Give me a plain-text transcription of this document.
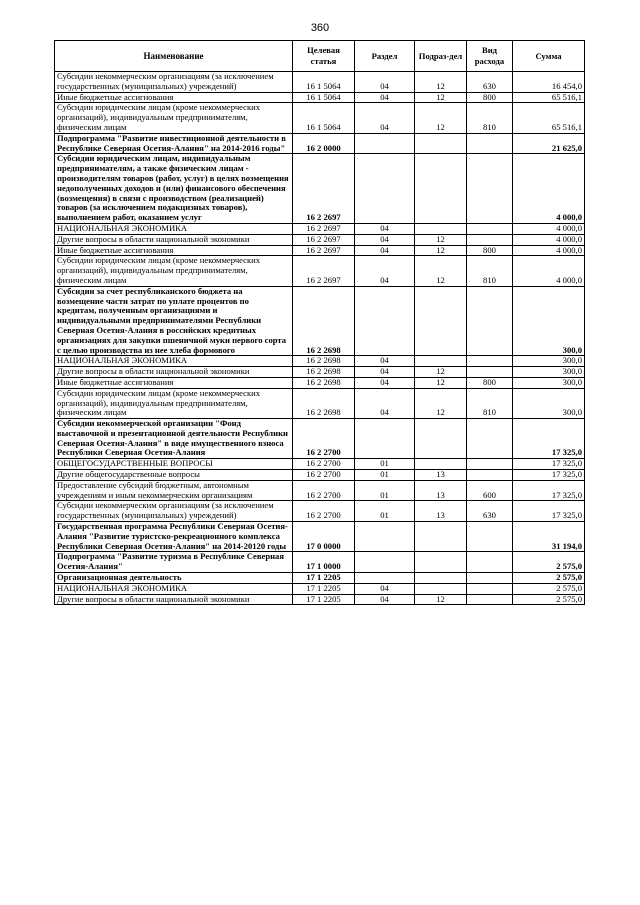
360
Наименование	Целевая статья	Раздел	Подраз-дел	Вид расхода	Сумма
Субсидии некоммерческим организациям (за исключением государственных (муниципальных) учреждений)	16 1 5064	04	12	630	16 454,0
Иные бюджетные ассигнования	16 1 5064	04	12	800	65 516,1
Субсидии юридическим лицам (кроме некоммерческих организаций), индивидуальным предпринимателям, физическим лицам	16 1 5064	04	12	810	65 516,1
Подпрограмма "Развитие инвестиционной деятельности в Республике Северная Осетия-Алания" на 2014-2016 годы"	16 2 0000				21 625,0
Субсидии юридическим лицам, индивидуальным предпринимателям, а также физическим лицам - производителям товаров (работ, услуг) в целях возмещения недополученных доходов и (или) финансового обеспечения (возмещения) в связи с производством (реализацией) товаров (за исключением подакцизных товаров), выполнением работ, оказанием услуг	16 2 2697				4 000,0
НАЦИОНАЛЬНАЯ ЭКОНОМИКА	16 2 2697	04			4 000,0
Другие вопросы в области национальной экономики	16 2 2697	04	12		4 000,0
Иные бюджетные ассигнования	16 2 2697	04	12	800	4 000,0
Субсидии юридическим лицам (кроме некоммерческих организаций), индивидуальным предпринимателям, физическим лицам	16 2 2697	04	12	810	4 000,0
Субсидии за счет республиканского бюджета на возмещение части затрат по уплате процентов по кредитам, полученным организациями и индивидуальными предпринимателями Республики Северная Осетия-Алания в российских кредитных организациях для закупки пшеничной муки первого сорта с целью производства из нее хлеба формового	16 2 2698				300,0
НАЦИОНАЛЬНАЯ ЭКОНОМИКА	16 2 2698	04			300,0
Другие вопросы в области национальной экономики	16 2 2698	04	12		300,0
Иные бюджетные ассигнования	16 2 2698	04	12	800	300,0
Субсидии юридическим лицам (кроме некоммерческих организаций), индивидуальным предпринимателям, физическим лицам	16 2 2698	04	12	810	300,0
Субсидии некоммерческой организации "Фонд выставочной и презентационной деятельности Республики Северная Осетия-Алания" в виде имущественного взноса Республики Северная Осетия-Алания	16 2 2700				17 325,0
ОБЩЕГОСУДАРСТВЕННЫЕ ВОПРОСЫ	16 2 2700	01			17 325,0
Другие общегосударственные вопросы	16 2 2700	01	13		17 325,0
Предоставление субсидий бюджетным, автономным учреждениям и иным некоммерческим организациям	16 2 2700	01	13	600	17 325,0
Субсидии некоммерческим организациям (за исключением государственных (муниципальных) учреждений)	16 2 2700	01	13	630	17 325,0
Государственная программа Республики Северная Осетия-Алания "Развитие туристско-рекреационного комплекса Республики Северная Осетия-Алания" на 2014-20120 годы	17 0 0000				31 194,0
Подпрограмма "Развитие туризма в Республике Северная Осетия-Алания"	17 1 0000				2 575,0
Организационная деятельность	17 1 2205				2 575,0
НАЦИОНАЛЬНАЯ ЭКОНОМИКА	17 1 2205	04			2 575,0
Другие вопросы в области национальной экономики	17 1 2205	04	12		2 575,0
